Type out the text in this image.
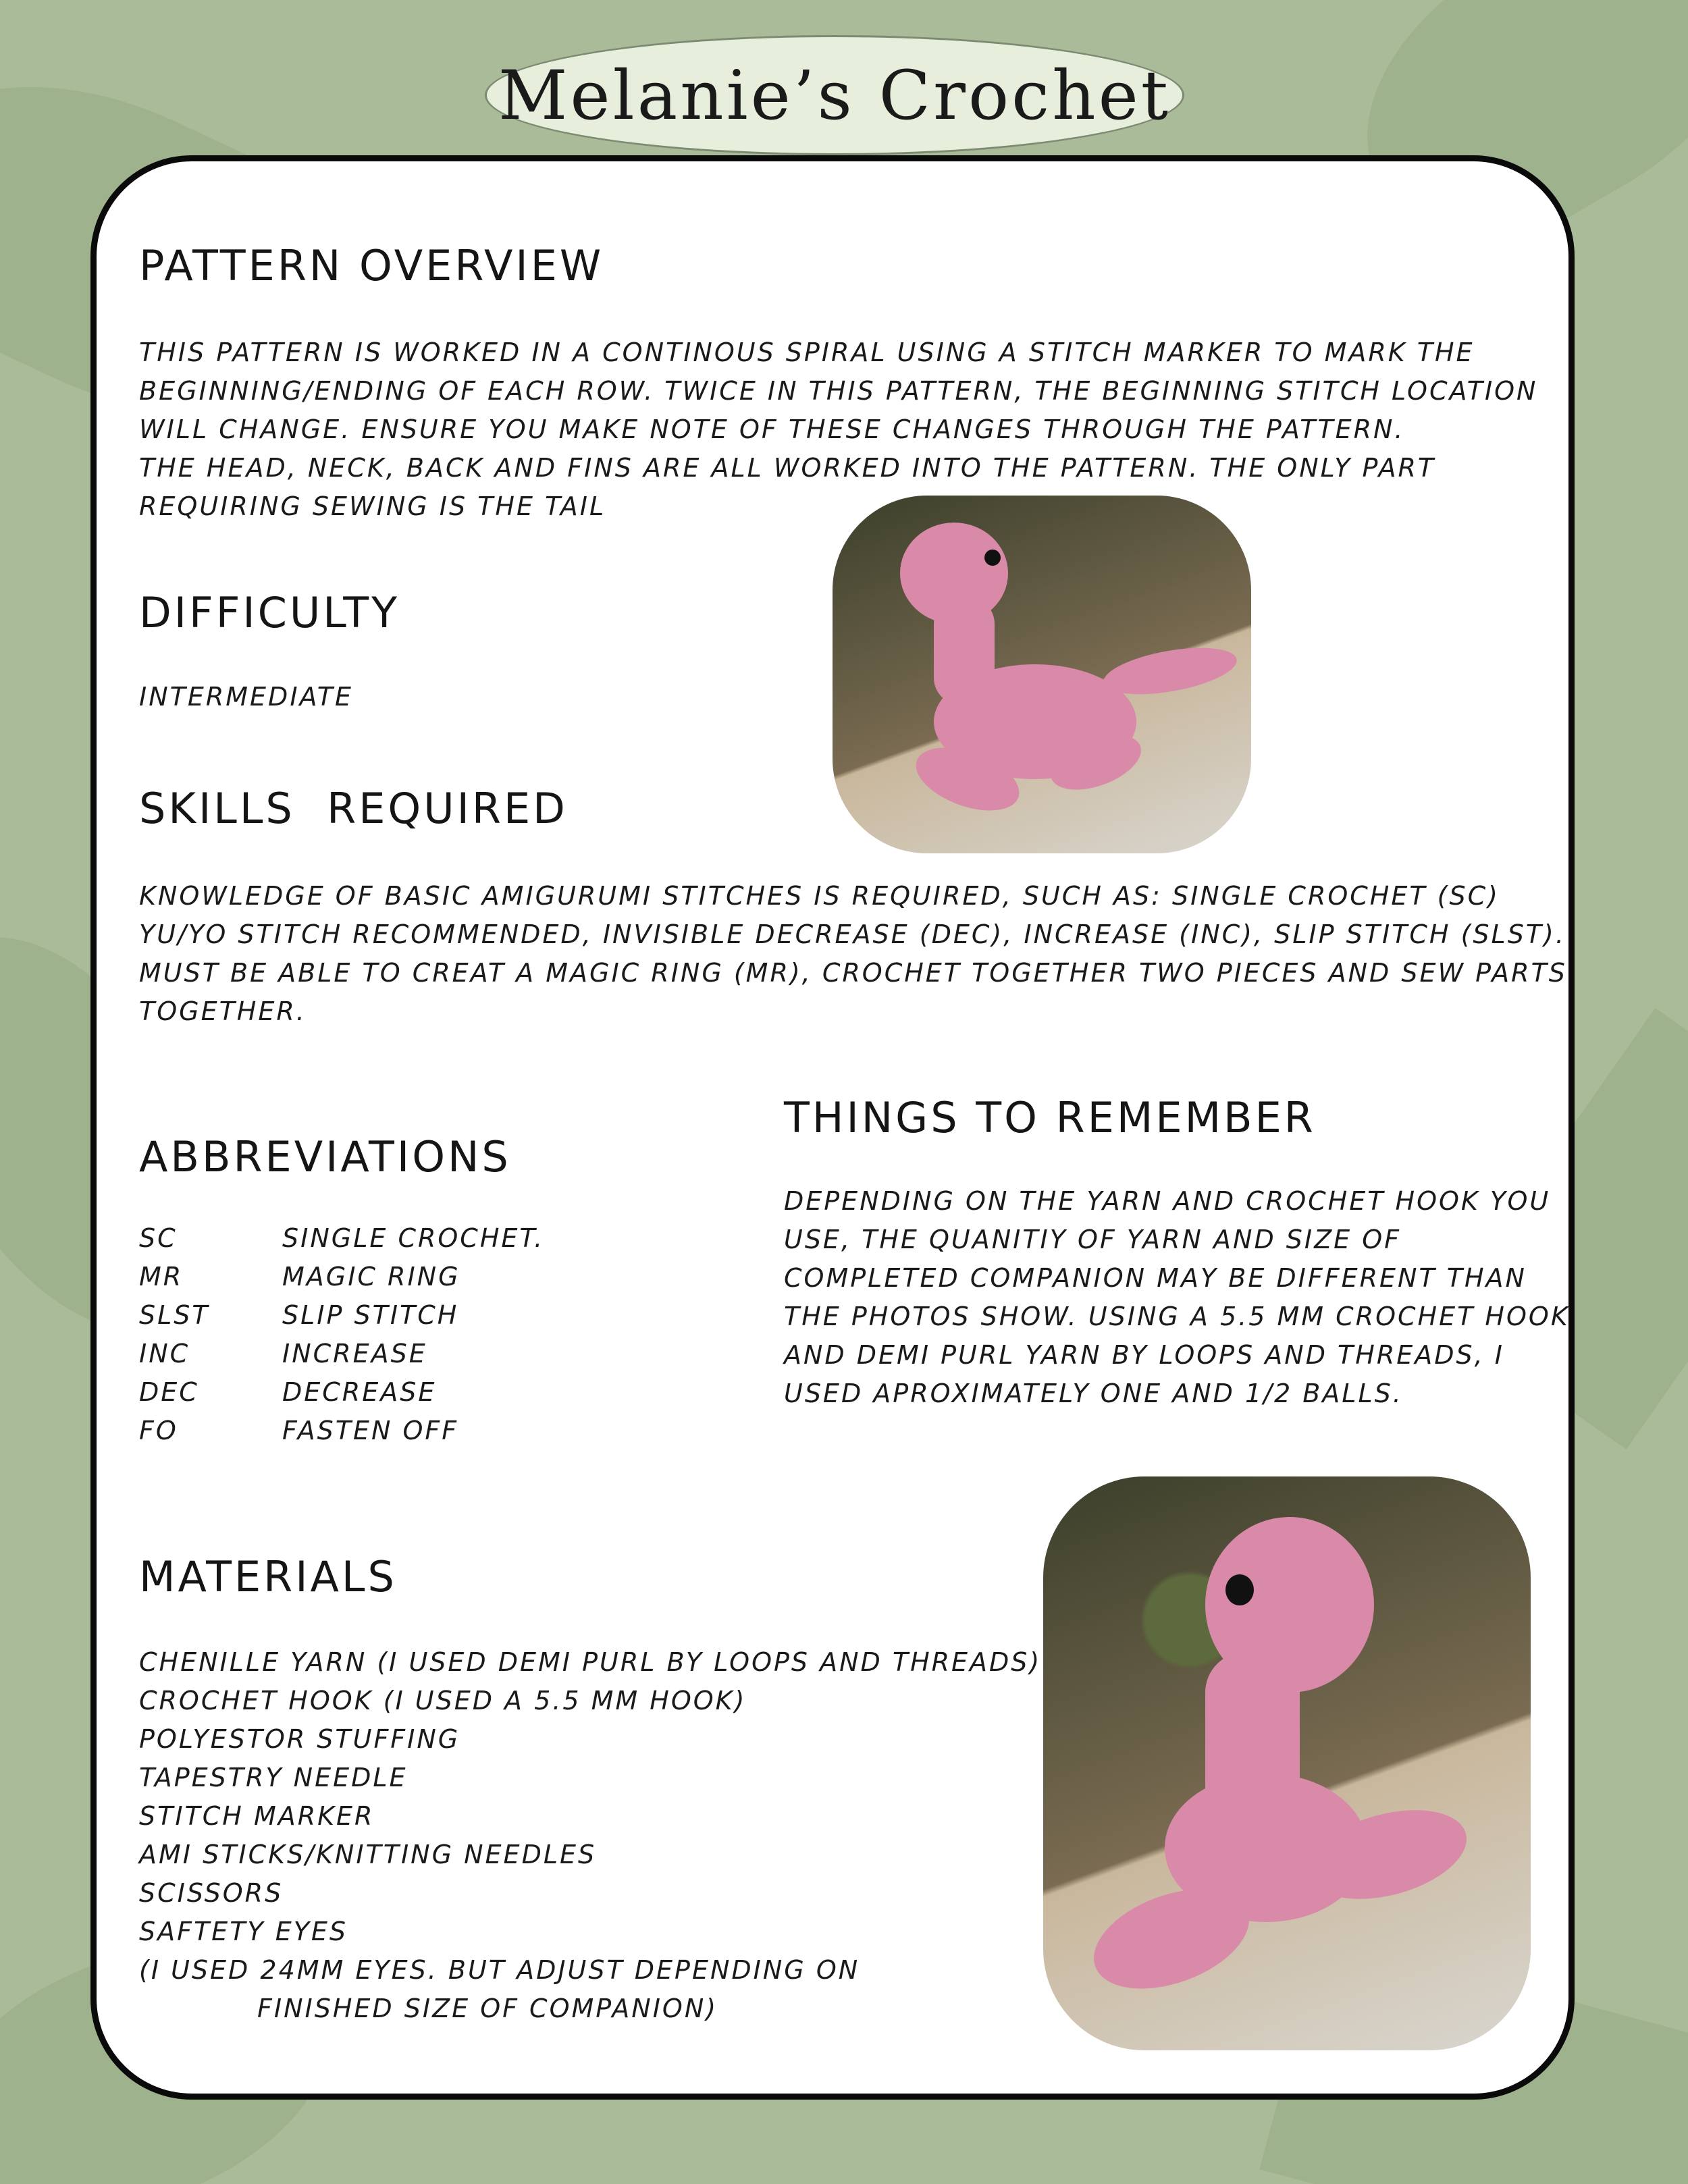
Melanie’s Crochet
PATTERN OVERVIEW
THIS PATTERN IS WORKED IN A CONTINOUS SPIRAL USING A STITCH MARKER TO MARK THE
BEGINNING/ENDING OF EACH ROW. TWICE IN THIS PATTERN, THE BEGINNING STITCH LOCATION
WILL CHANGE. ENSURE YOU MAKE NOTE OF THESE CHANGES THROUGH THE PATTERN.
THE HEAD, NECK, BACK AND FINS ARE ALL WORKED INTO THE PATTERN. THE ONLY PART
REQUIRING SEWING IS THE TAIL
DIFFICULTY
INTERMEDIATE
SKILLS  REQUIRED
KNOWLEDGE OF BASIC AMIGURUMI STITCHES IS REQUIRED, SUCH AS: SINGLE CROCHET (SC)
YU/YO STITCH RECOMMENDED, INVISIBLE DECREASE (DEC), INCREASE (INC), SLIP STITCH (SLST).
MUST BE ABLE TO CREAT A MAGIC RING (MR), CROCHET TOGETHER TWO PIECES AND SEW PARTS
TOGETHER.
THINGS TO REMEMBER
DEPENDING ON THE YARN AND CROCHET HOOK YOU
USE, THE QUANITIY OF YARN AND SIZE OF
COMPLETED COMPANION MAY BE DIFFERENT THAN
THE PHOTOS SHOW. USING A 5.5 MM CROCHET HOOK
AND DEMI PURL YARN BY LOOPS AND THREADS, I
USED APROXIMATELY ONE AND 1/2 BALLS.
ABBREVIATIONS
SC	SINGLE CROCHET.
MR	MAGIC RING
SLST	SLIP STITCH
INC	INCREASE
DEC	DECREASE
FO	FASTEN OFF
MATERIALS
CHENILLE YARN (I USED DEMI PURL BY LOOPS AND THREADS)
CROCHET HOOK (I USED A 5.5 MM HOOK)
POLYESTOR STUFFING
TAPESTRY NEEDLE
STITCH MARKER
AMI STICKS/KNITTING NEEDLES
SCISSORS
SAFTETY EYES
(I USED 24MM EYES. BUT ADJUST DEPENDING ON
FINISHED SIZE OF COMPANION)
